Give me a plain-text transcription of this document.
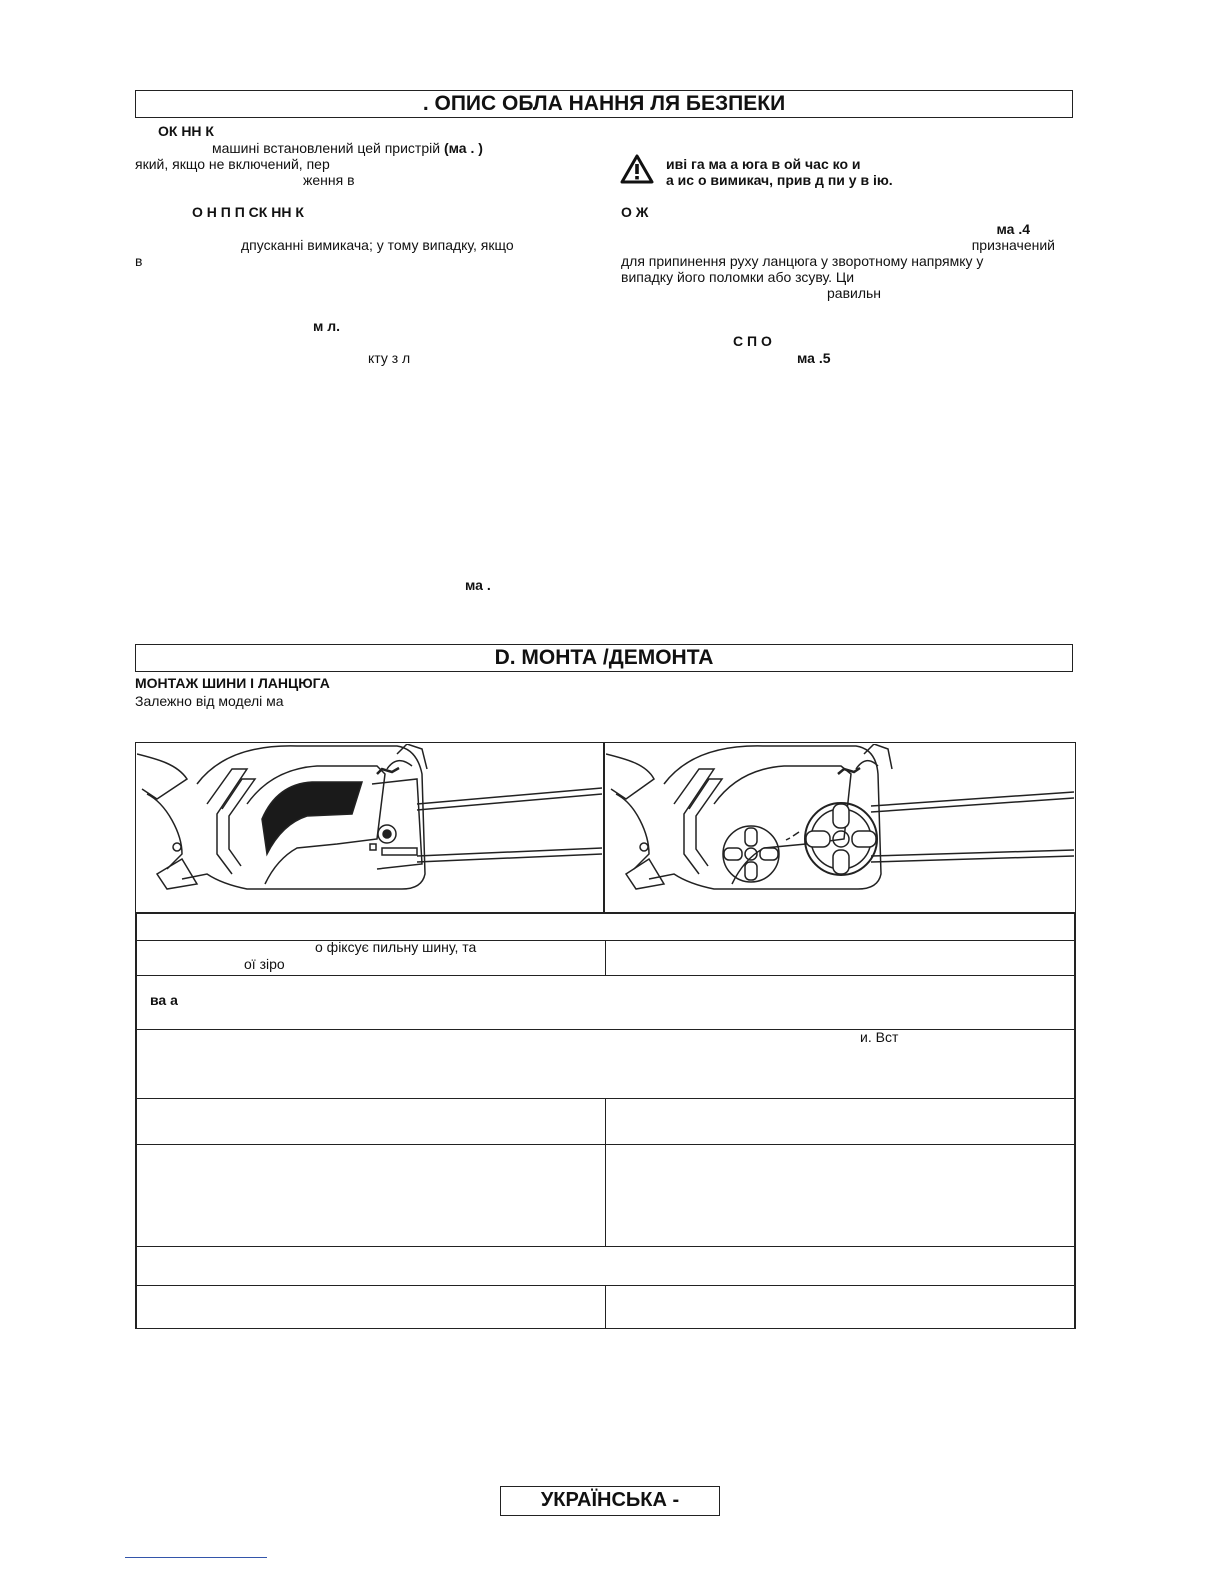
. ОПИС ОБЛА НАННЯ ЛЯ БЕЗПЕКИ
ОК НН К
машині встановлений цей пристрій (ма . )
який, якщо не включений, пер
ження в
О Н П П СК НН К
дпусканні вимикача; у тому випадку, якщо
в
м л.
кту з л
ма .
иві га ма а юга в ой час ко и
а ис о вимикач, прив д пи у в ію.
О Ж
ма .4
призначений
для припинення руху ланцюга у зворотному напрямку у
випадку його поломки або зсуву. Ци
равильн
С П О
ма .5
D. МОНТА /ДЕМОНТА
МОНТАЖ ШИНИ І ЛАНЦЮГА
Залежно від моделі ма
о фіксує пильну шину, та
ої зіро
ва а
и. Вст
УКРАЇНСЬКА -
